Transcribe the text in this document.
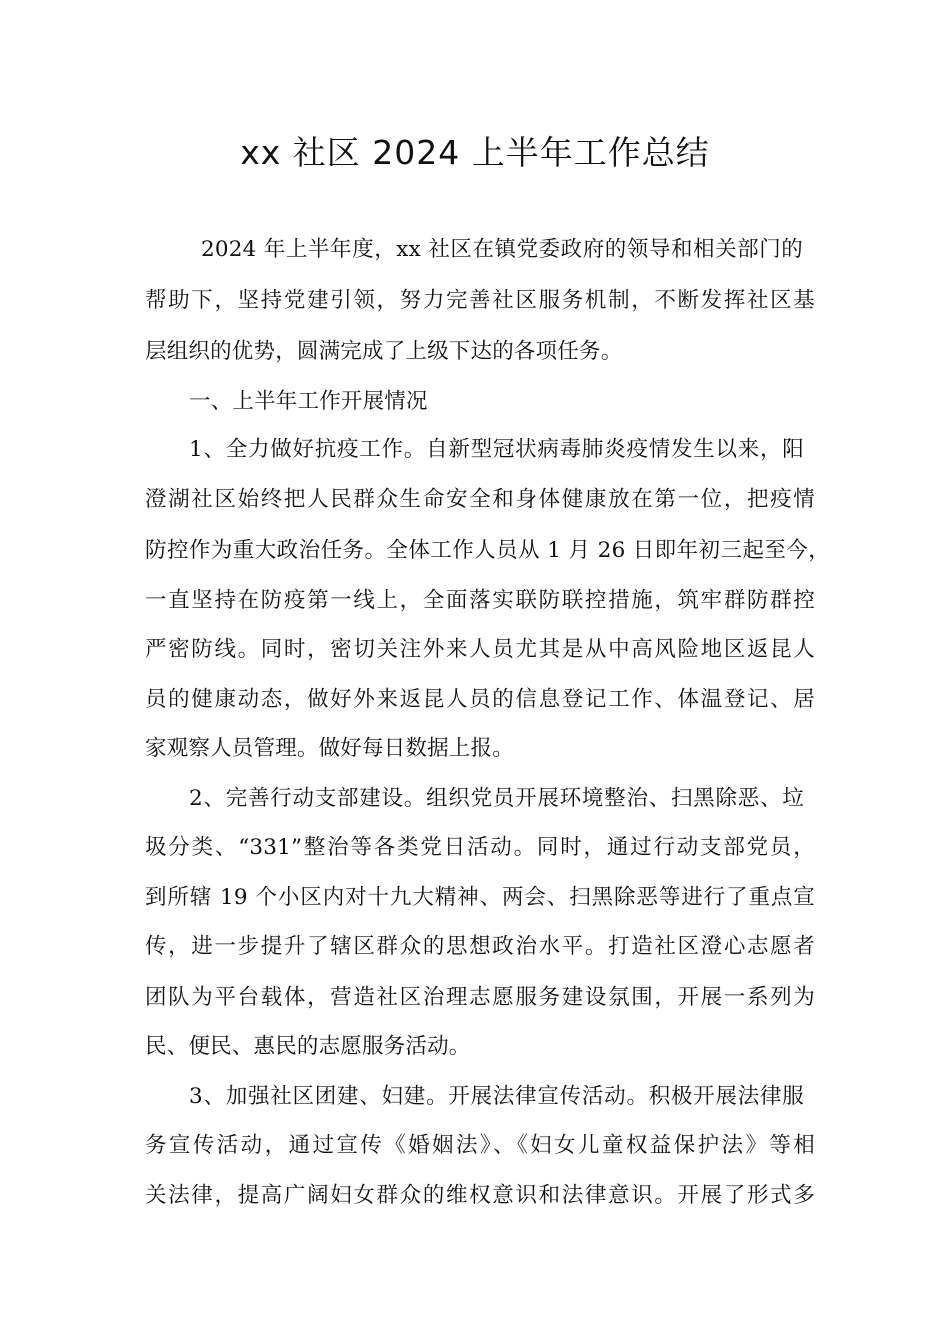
xx 社区 2024 上半年工作总结
2024 年上半年度，xx 社区在镇党委政府的领导和相关部门的
帮助下，坚持党建引领，努力完善社区服务机制，不断发挥社区基
层组织的优势，圆满完成了上级下达的各项任务。
一、上半年工作开展情况
1、全力做好抗疫工作。自新型冠状病毒肺炎疫情发生以来，阳
澄湖社区始终把人民群众生命安全和身体健康放在第一位，把疫情
防控作为重大政治任务。全体工作人员从 1 月 26 日即年初三起至今，
一直坚持在防疫第一线上，全面落实联防联控措施，筑牢群防群控
严密防线。同时，密切关注外来人员尤其是从中高风险地区返昆人
员的健康动态，做好外来返昆人员的信息登记工作、体温登记、居
家观察人员管理。做好每日数据上报。
2、完善行动支部建设。组织党员开展环境整治、扫黑除恶、垃
圾分类、“331”整治等各类党日活动。同时，通过行动支部党员，
到所辖 19 个小区内对十九大精神、两会、扫黑除恶等进行了重点宣
传，进一步提升了辖区群众的思想政治水平。打造社区澄心志愿者
团队为平台载体，营造社区治理志愿服务建设氛围，开展一系列为
民、便民、惠民的志愿服务活动。
3、加强社区团建、妇建。开展法律宣传活动。积极开展法律服
务宣传活动，通过宣传《婚姻法》、《妇女儿童权益保护法》等相
关法律，提高广阔妇女群众的维权意识和法律意识。开展了形式多
